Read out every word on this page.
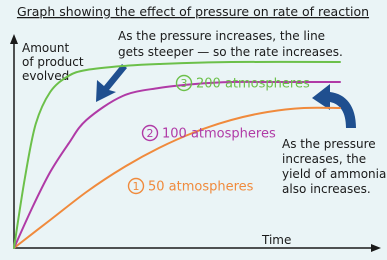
Graph showing the effect of pressure on rate of reaction
Amount of product evolved
Time
As the pressure increases, the line gets steeper — so the rate increases.
As the pressure increases, the yield of ammonia also increases.
1 50 atmospheres
2 100 atmospheres
3 200 atmospheres
